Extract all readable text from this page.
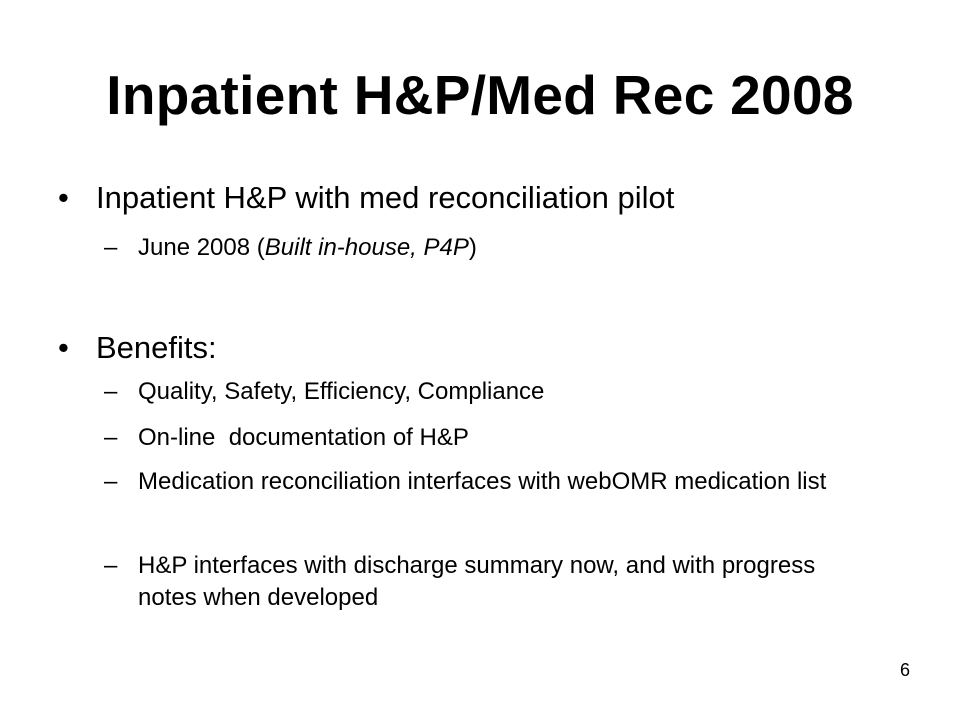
Inpatient H&P/Med Rec 2008
• Inpatient H&P with med reconciliation pilot
– June 2008 (Built in-house, P4P)
• Benefits:
– Quality, Safety, Efficiency, Compliance
– On-line  documentation of H&P
– Medication reconciliation interfaces with webOMR medication list
– H&P interfaces with discharge summary now, and with progress notes when developed
6
